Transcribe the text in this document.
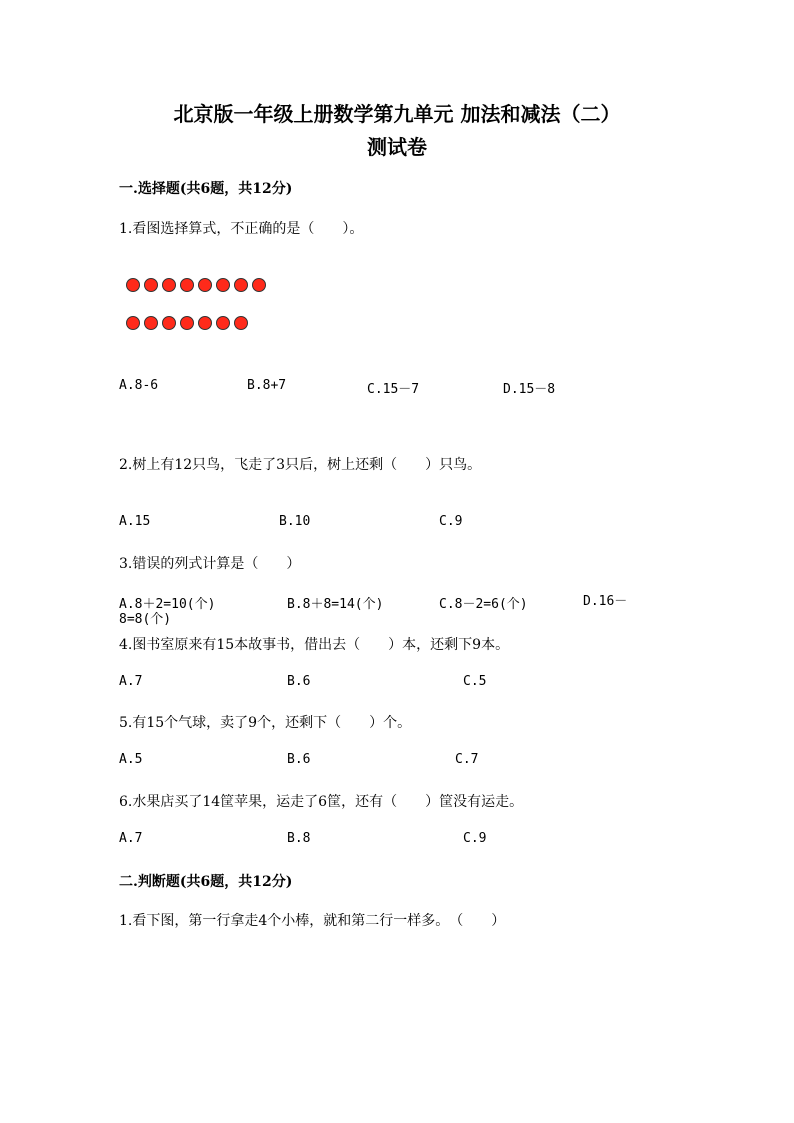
北京版一年级上册数学第九单元 加法和减法（二）
测试卷
一.选择题(共6题，共12分)
1.看图选择算式，不正确的是（　　）。
A.8-6	B.8+7	C.15－7	D.15－8
2.树上有12只鸟，飞走了3只后，树上还剩（　　）只鸟。
A.15	B.10	C.9
3.错误的列式计算是（　　）
A.8＋2=10(个)	B.8＋8=14(个)	C.8－2=6(个)	D.16－8=8(个)
4.图书室原来有15本故事书，借出去（　　）本，还剩下9本。
A.7	B.6	C.5
5.有15个气球，卖了9个，还剩下（　　）个。
A.5	B.6	C.7
6.水果店买了14筐苹果，运走了6筐，还有（　　）筐没有运走。
A.7	B.8	C.9
二.判断题(共6题，共12分)
1.看下图，第一行拿走4个小棒，就和第二行一样多。　（　　）
